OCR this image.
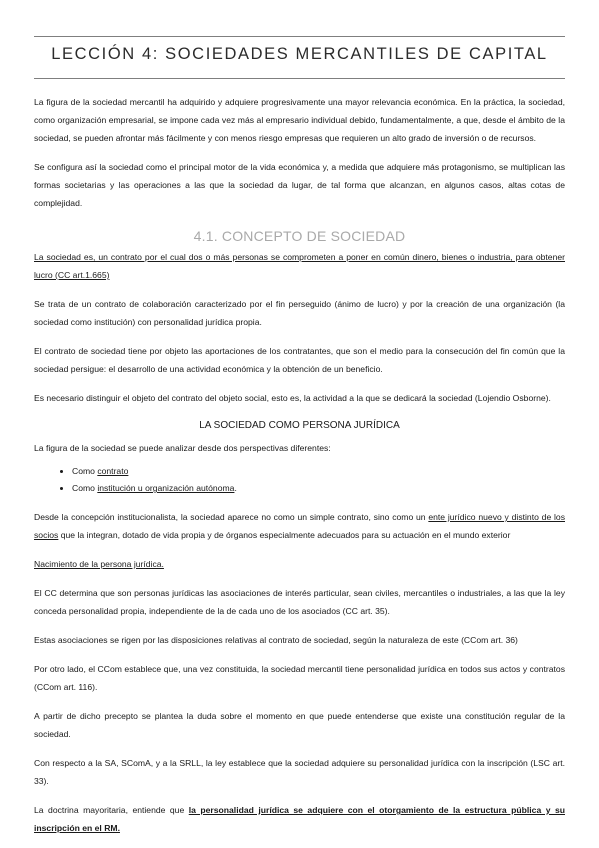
LECCIÓN 4: SOCIEDADES MERCANTILES DE CAPITAL

La figura de la sociedad mercantil ha adquirido y adquiere progresivamente una mayor relevancia económica. En la práctica, la sociedad, como organización empresarial, se impone cada vez más al empresario individual debido, fundamentalmente, a que, desde el ámbito de la sociedad, se pueden afrontar más fácilmente y con menos riesgo empresas que requieren un alto grado de inversión o de recursos.

Se configura así la sociedad como el principal motor de la vida económica y, a medida que adquiere más protagonismo, se multiplican las formas societarias y las operaciones a las que la sociedad da lugar, de tal forma que alcanzan, en algunos casos, altas cotas de complejidad.

4.1. CONCEPTO DE SOCIEDAD

La sociedad es, un contrato por el cual dos o más personas se comprometen a poner en común dinero, bienes o industria, para obtener lucro (CC art.1.665)

Se trata de un contrato de colaboración caracterizado por el fin perseguido (ánimo de lucro) y por la creación de una organización (la sociedad como institución) con personalidad jurídica propia.

El contrato de sociedad tiene por objeto las aportaciones de los contratantes, que son el medio para la consecución del fin común que la sociedad persigue: el desarrollo de una actividad económica y la obtención de un beneficio.

Es necesario distinguir el objeto del contrato del objeto social, esto es, la actividad a la que se dedicará la sociedad (Lojendio Osborne).

LA SOCIEDAD COMO PERSONA JURÍDICA

La figura de la sociedad se puede analizar desde dos perspectivas diferentes:

• Como contrato
• Como institución u organización autónoma.

Desde la concepción institucionalista, la sociedad aparece no como un simple contrato, sino como un ente jurídico nuevo y distinto de los socios que la integran, dotado de vida propia y de órganos especialmente adecuados para su actuación en el mundo exterior

Nacimiento de la persona jurídica.

El CC determina que son personas jurídicas las asociaciones de interés particular, sean civiles, mercantiles o industriales, a las que la ley conceda personalidad propia, independiente de la de cada uno de los asociados (CC art. 35).

Estas asociaciones se rigen por las disposiciones relativas al contrato de sociedad, según la naturaleza de este (CCom art. 36)

Por otro lado, el CCom establece que, una vez constituida, la sociedad mercantil tiene personalidad jurídica en todos sus actos y contratos (CCom art. 116).

A partir de dicho precepto se plantea la duda sobre el momento en que puede entenderse que existe una constitución regular de la sociedad.

Con respecto a la SA, SComA, y a la SRLL, la ley establece que la sociedad adquiere su personalidad jurídica con la inscripción (LSC art. 33).

La doctrina mayoritaria, entiende que la personalidad jurídica se adquiere con el otorgamiento de la estructura pública y su inscripción en el RM.
